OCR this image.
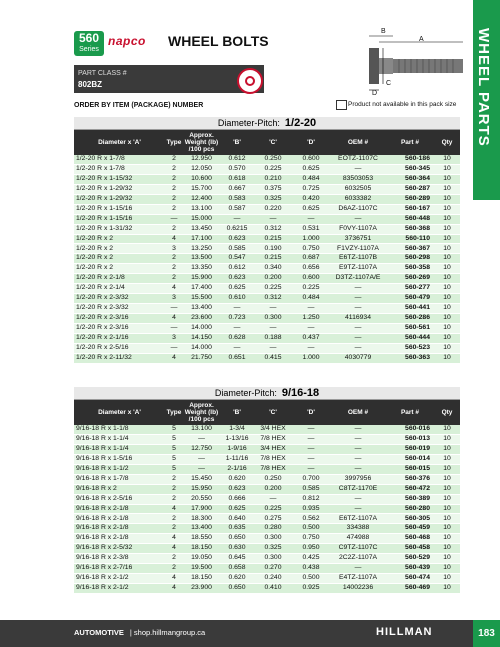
560
Series
napco WHEEL BOLTS
PART CLASS #
802BZ
B
A
C
D
ORDER BY ITEM (PACKAGE) NUMBER	Product not available in this pack size WHEEL PARTS
Diameter-Pitch: 1/2-20
Diameter x 'A'	Type	Approx. Weight (lb) /100 pcs	'B'	'C'	'D'	OEM #	Part #	Qty
1/2-20 R x 1-7/8	2	12.950	0.612	0.250	0.600	EOTZ-1107C	560-186	10
1/2-20 R x 1-7/8	2	12.050	0.570	0.225	0.625	—	560-345	10
1/2-20 R x 1-15/32	2	10.600	0.618	0.210	0.484	83503053	560-364	10
1/2-20 R x 1-29/32	2	15.700	0.667	0.375	0.725	6032505	560-287	10
1/2-20 R x 1-29/32	2	12.400	0.583	0.325	0.420	6033382	560-289	10
1/2-20 R x 1-15/16	2	13.100	0.587	0.220	0.625	D6AZ-1107C	560-167	10
1/2-20 R x 1-15/16	—	15.000	—	—	—	—	560-448	10
1/2-20 R x 1-31/32	2	13.450	0.6215	0.312	0.531	F0VY-1107A	560-368	10
1/2-20 R x 2	4	17.100	0.623	0.215	1.000	3736751	560-110	10
1/2-20 R x 2	3	13.250	0.585	0.190	0.750	F1VZY-1107A	560-367	10
1/2-20 R x 2	2	13.500	0.547	0.215	0.687	E6TZ-1107B	560-298	10
1/2-20 R x 2	2	13.350	0.612	0.340	0.656	E9TZ-1107A	560-358	10
1/2-20 R x 2-1/8	2	15.900	0.623	0.200	0.600	D3TZ-1107A/E	560-269	10
1/2-20 R x 2-1/4	4	17.400	0.625	0.225	0.225	—	560-277	10
1/2-20 R x 2-3/32	3	15.500	0.610	0.312	0.484	—	560-479	10
1/2-20 R x 2-3/32	—	13.400	—	—	—	—	560-441	10
1/2-20 R x 2-3/16	4	23.600	0.723	0.300	1.250	4116934	560-286	10
1/2-20 R x 2-3/16	—	14.000	—	—	—	—	560-561	10
1/2-20 R x 2-1/16	3	14.150	0.628	0.188	0.437	—	560-444	10
1/2-20 R x 2-5/16	—	14.000	—	—	—	—	560-523	10
1/2-20 R x 2-11/32	4	21.750	0.651	0.415	1.000	4030779	560-363	10
Diameter-Pitch: 9/16-18
Diameter x 'A'	Type	Approx. Weight (lb) /100 pcs	'B'	'C'	'D'	OEM #	Part #	Qty
9/16-18 R x 1-1/8	5	13.100	1-3/4	3/4 HEX	—	—	560-016	10
9/16-18 R x 1-1/4	5	—	1-13/16	7/8 HEX	—	—	560-013	10
9/16-18 R x 1-1/4	5	12.750	1-9/16	3/4 HEX	—	—	560-019	10
9/16-18 R x 1-5/16	5	—	1-11/16	7/8 HEX	—	—	560-014	10
9/16-18 R x 1-1/2	5	—	2-1/16	7/8 HEX	—	—	560-015	10
9/16-18 R x 1-7/8	2	15.450	0.620	0.250	0.700	3997956	560-376	10
9/16-18 R x 2	2	15.950	0.623	0.200	0.585	C8TZ-1170E	560-472	10
9/16-18 R x 2-5/16	2	20.550	0.666	—	0.812	—	560-389	10
9/16-18 R x 2-1/8	4	17.900	0.625	0.225	0.935	—	560-280	10
9/16-18 R x 2-1/8	2	18.300	0.640	0.275	0.562	E6TZ-1107A	560-305	10
9/16-18 R x 2-1/8	2	13.400	0.635	0.280	0.500	334388	560-459	10
9/16-18 R x 2-1/8	4	18.550	0.650	0.300	0.750	474988	560-468	10
9/16-18 R x 2-5/32	4	18.150	0.630	0.325	0.950	C9TZ-1107C	560-458	10
9/16-18 R x 2-3/8	2	19.050	0.645	0.300	0.425	2C2Z-1107A	560-529	10
9/16-18 R x 2-7/16	2	19.500	0.658	0.270	0.438	—	560-439	10
9/16-18 R x 2-1/2	4	18.150	0.620	0.240	0.500	E4TZ-1107A	560-474	10
9/16-18 R x 2-1/2	4	23.900	0.650	0.410	0.925	14002236	560-469	10
AUTOMOTIVE | shop.hillmangroup.ca	HILLMAN	183
